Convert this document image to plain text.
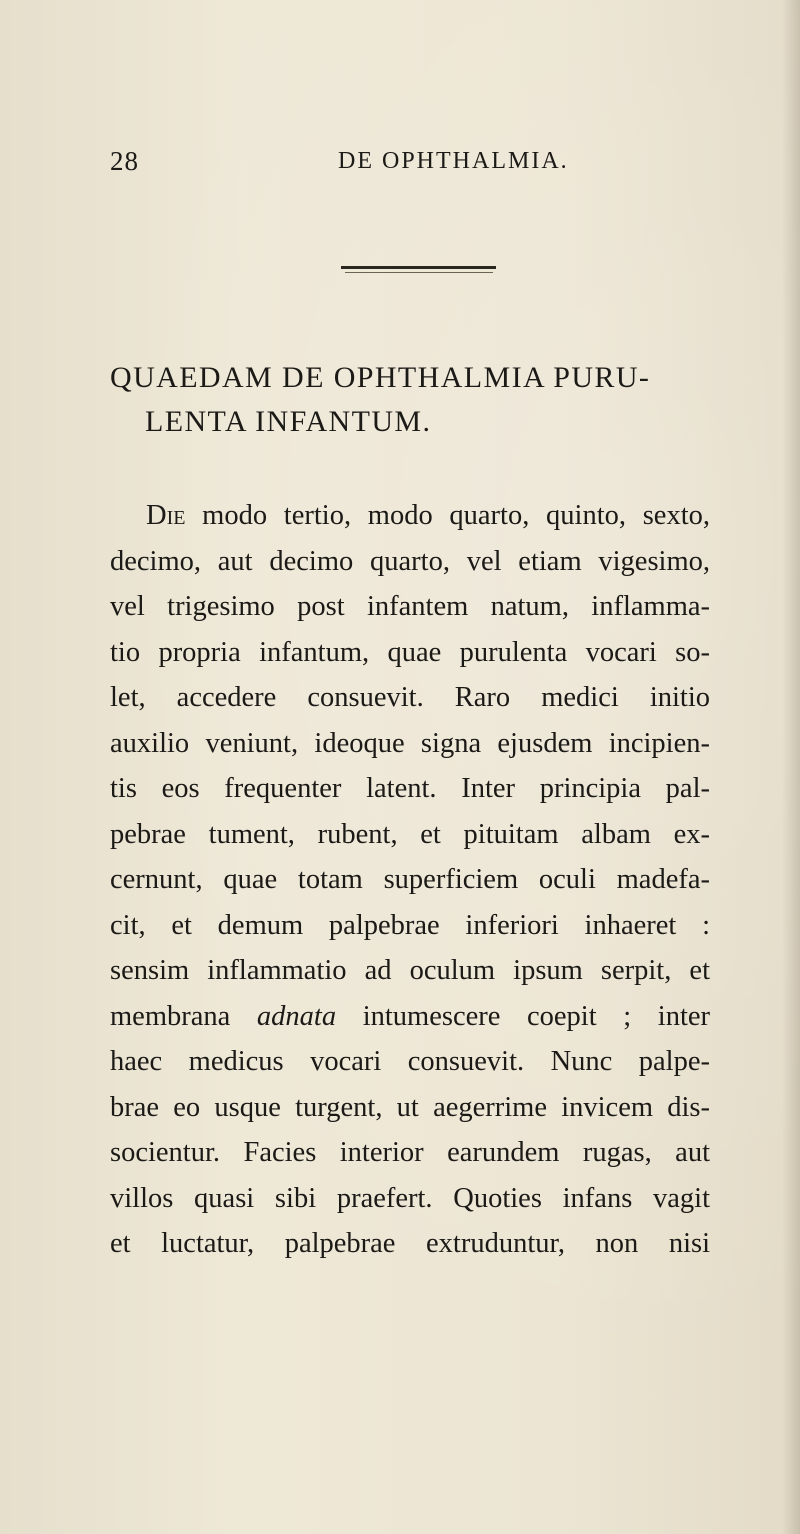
28	DE OPHTHALMIA.
QUAEDAM DE OPHTHALMIA PURU-
LENTA INFANTUM.
Die modo tertio, modo quarto, quinto, sexto,
decimo, aut decimo quarto, vel etiam vigesimo,
vel trigesimo post infantem natum, inflamma-
tio propria infantum, quae purulenta vocari so-
let, accedere consuevit. Raro medici initio
auxilio veniunt, ideoque signa ejusdem incipien-
tis eos frequenter latent. Inter principia pal-
pebrae tument, rubent, et pituitam albam ex-
cernunt, quae totam superficiem oculi madefa-
cit, et demum palpebrae inferiori inhaeret :
sensim inflammatio ad oculum ipsum serpit, et
membrana adnata intumescere coepit ; inter
haec medicus vocari consuevit. Nunc palpe-
brae eo usque turgent, ut aegerrime invicem dis-
socientur. Facies interior earundem rugas, aut
villos quasi sibi praefert. Quoties infans vagit
et luctatur, palpebrae extruduntur, non nisi
